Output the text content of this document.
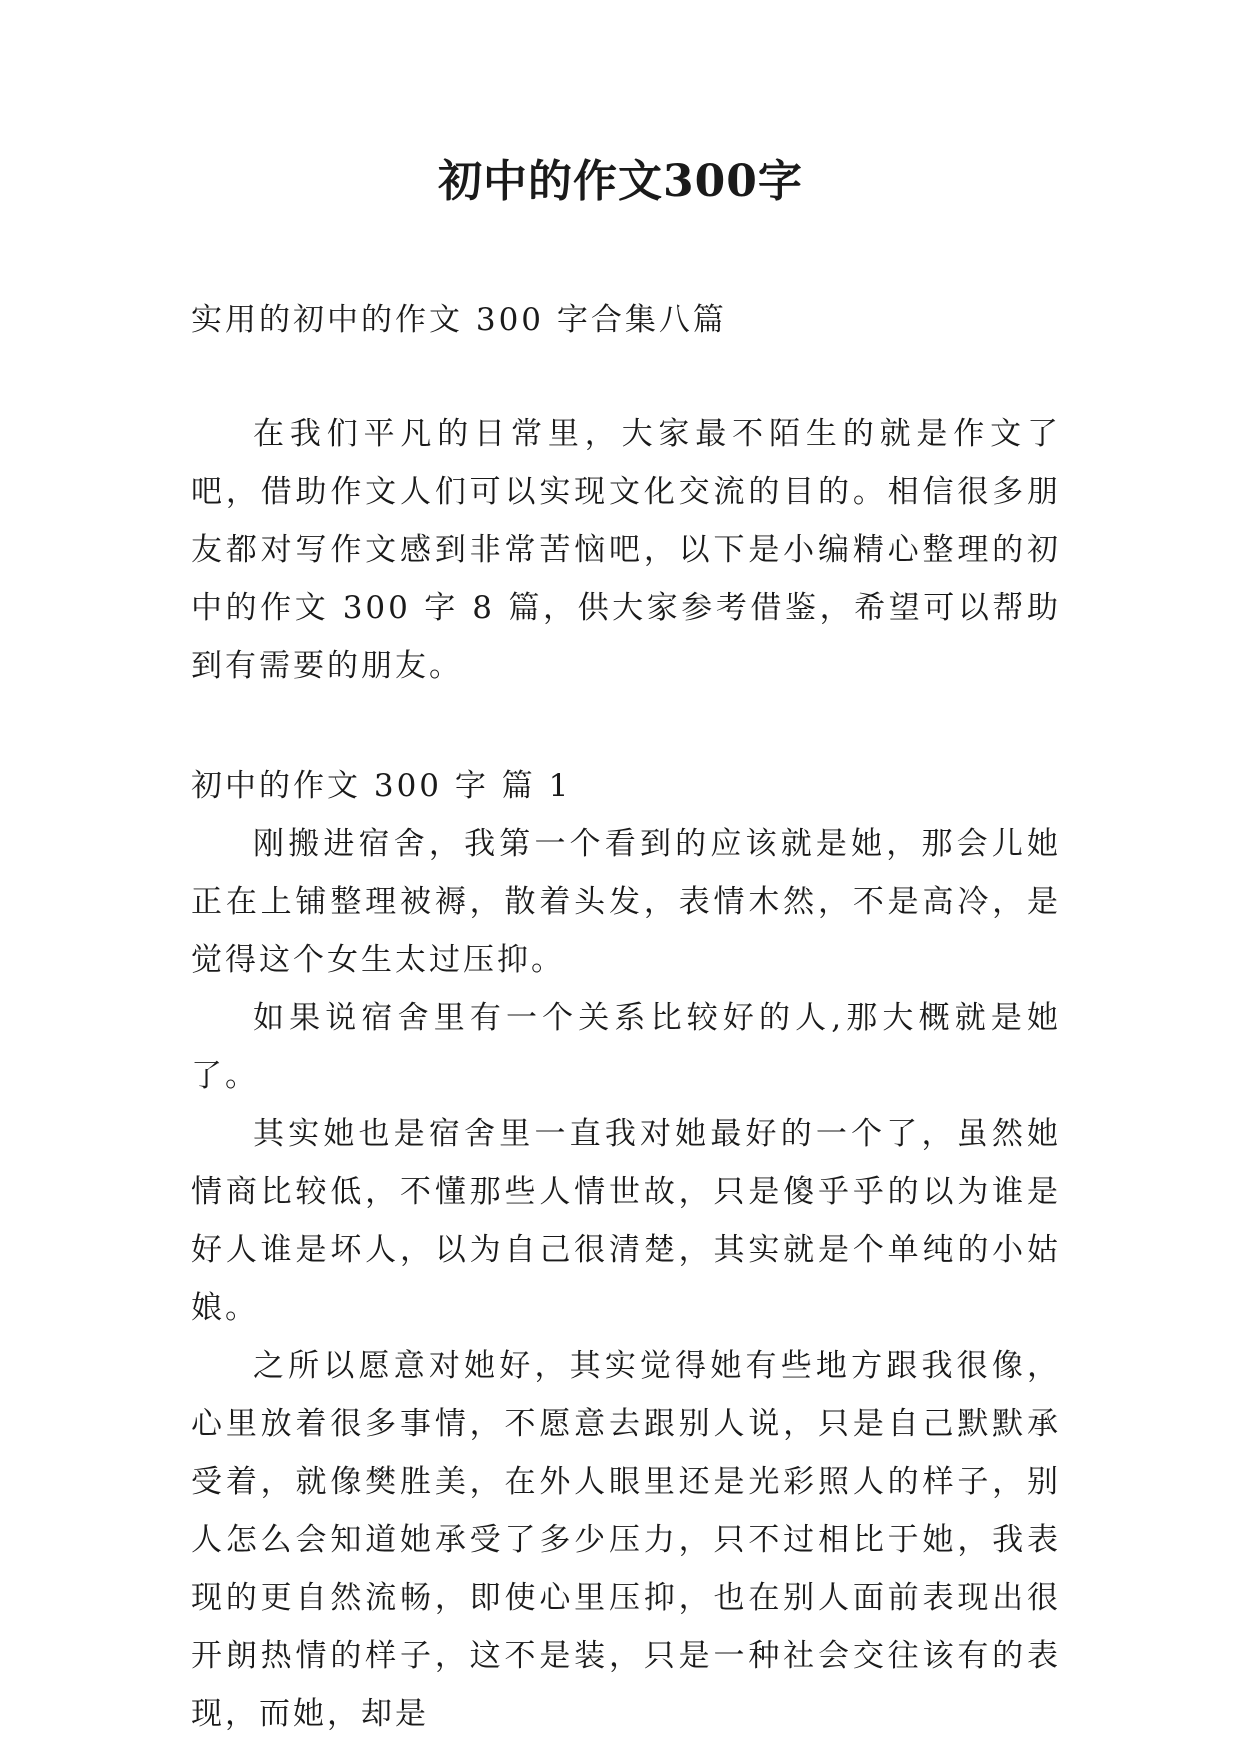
初中的作文300字

实用的初中的作文 300 字合集八篇

在我们平凡的日常里，大家最不陌生的就是作文了吧，借助作文人们可以实现文化交流的目的。相信很多朋友都对写作文感到非常苦恼吧，以下是小编精心整理的初中的作文 300 字 8 篇，供大家参考借鉴，希望可以帮助到有需要的朋友。

初中的作文 300 字 篇 1

刚搬进宿舍，我第一个看到的应该就是她，那会儿她正在上铺整理被褥，散着头发，表情木然，不是高冷，是觉得这个女生太过压抑。

如果说宿舍里有一个关系比较好的人,那大概就是她了。

其实她也是宿舍里一直我对她最好的一个了，虽然她情商比较低，不懂那些人情世故，只是傻乎乎的以为谁是好人谁是坏人，以为自己很清楚，其实就是个单纯的小姑娘。

之所以愿意对她好，其实觉得她有些地方跟我很像，心里放着很多事情，不愿意去跟别人说，只是自己默默承受着，就像樊胜美，在外人眼里还是光彩照人的样子，别人怎么会知道她承受了多少压力，只不过相比于她，我表现的更自然流畅，即使心里压抑，也在别人面前表现出很开朗热情的样子，这不是装，只是一种社会交往该有的表现，而她，却是
